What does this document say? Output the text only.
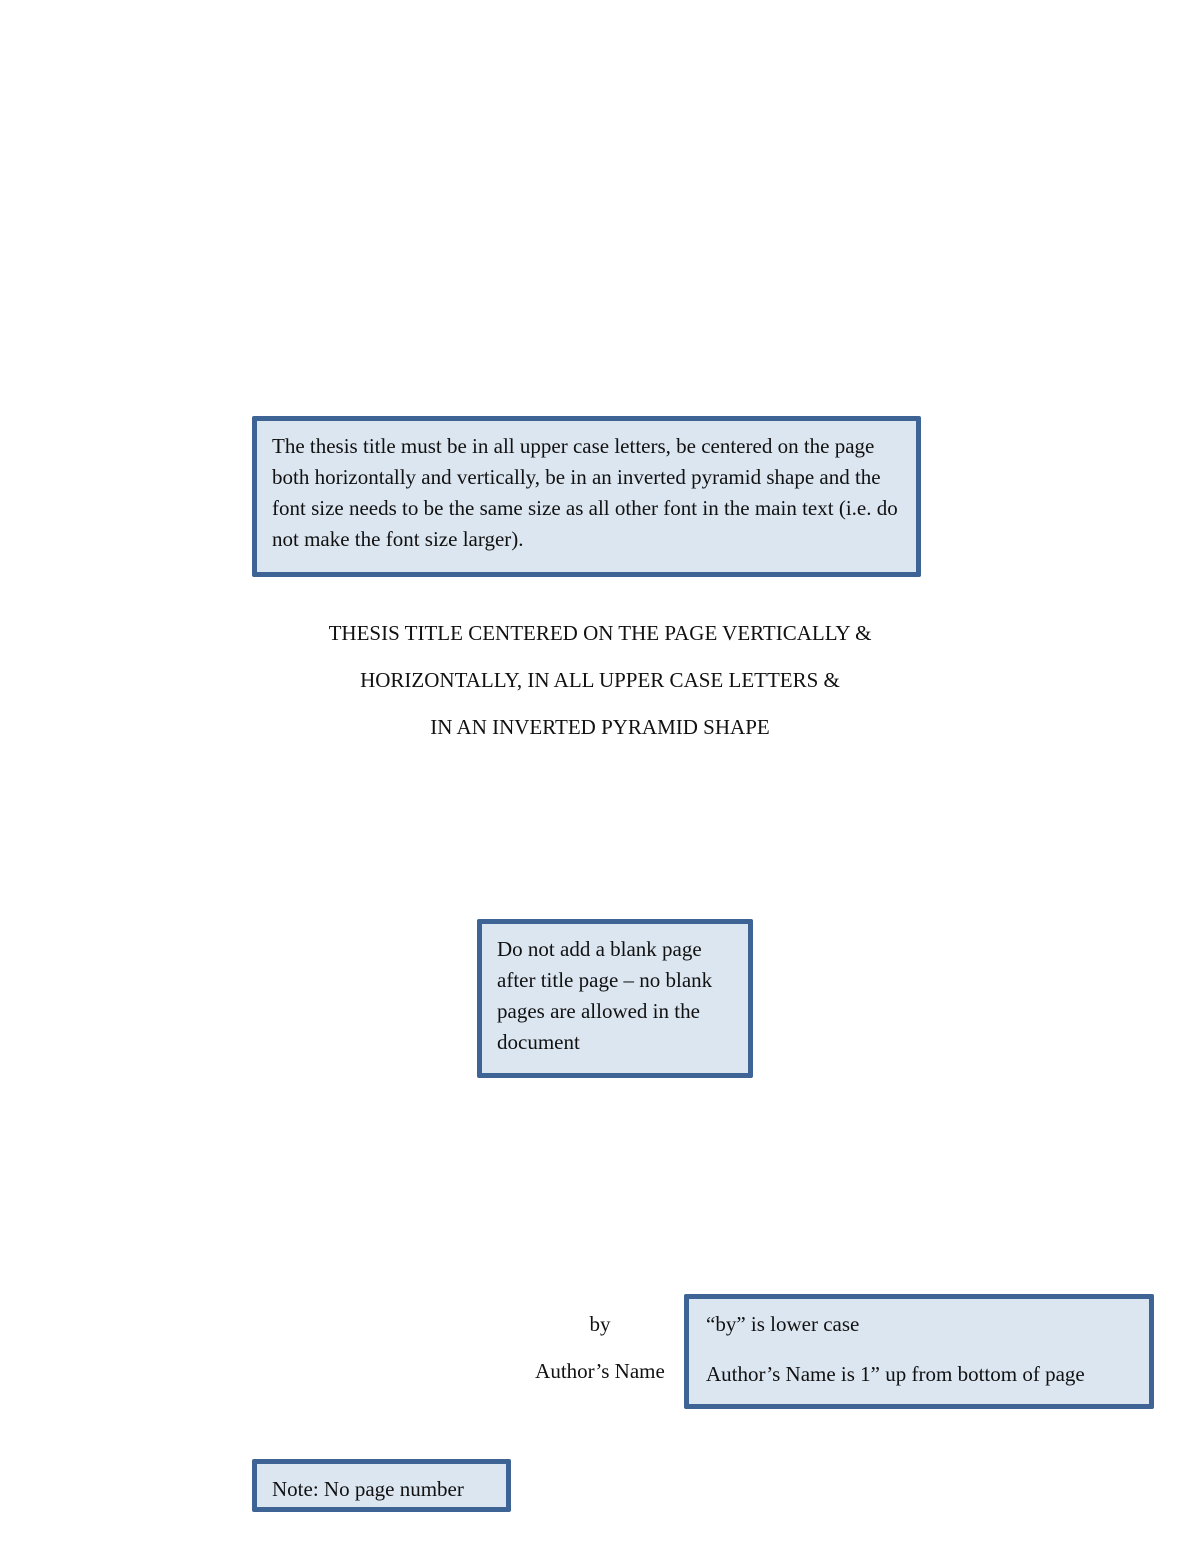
The thesis title must be in all upper case letters, be centered on the page both horizontally and vertically, be in an inverted pyramid shape and the font size needs to be the same size as all other font in the main text (i.e. do not make the font size larger).

THESIS TITLE CENTERED ON THE PAGE VERTICALLY &
HORIZONTALLY, IN ALL UPPER CASE LETTERS &
IN AN INVERTED PYRAMID SHAPE

Do not add a blank page after title page – no blank pages are allowed in the document

by
Author’s Name

“by” is lower case

Author’s Name is 1” up from bottom of page

Note: No page number
